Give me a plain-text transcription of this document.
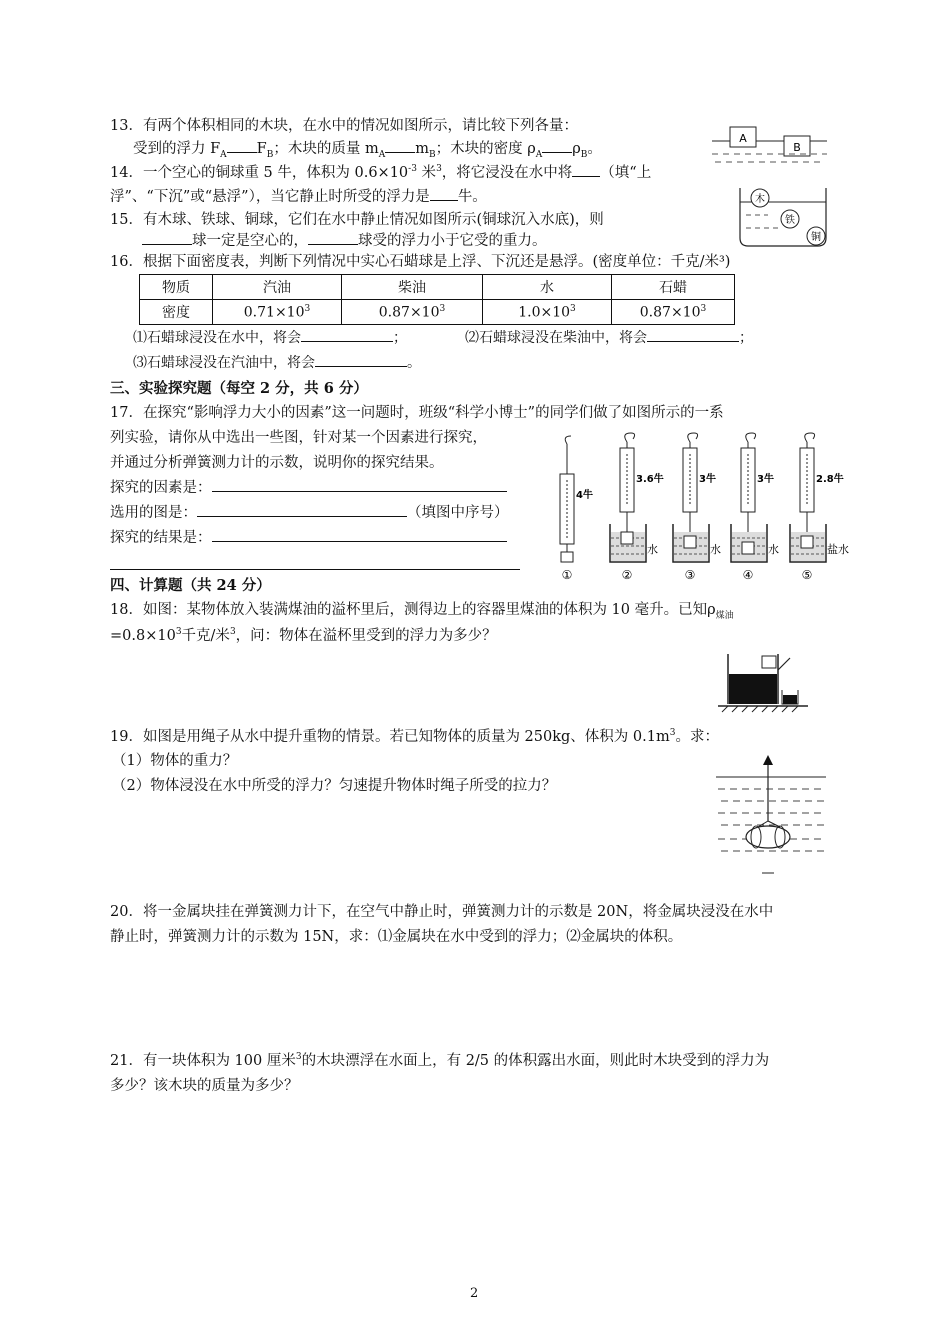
13．有两个体积相同的木块，在水中的情况如图所示，请比较下列各量：
受到的浮力 $F_A$ $F_B$；木块的质量 $m_A$ $m_B$；木块的密度 $\rho_A$ $\rho_B$。
A
B
14．一个空心的铜球重 5 牛，体积为 $0.6\times 10^{-3}$ 米$^3$，将它浸没在水中将 （填“上
浮”、“下沉”或“悬浮”），当它静止时所受的浮力是 牛。	木
铁
铜
15．有木球、铁球、铜球，它们在水中静止情况如图所示(铜球沉入水底)，则
球一定是空心的，	球受的浮力小于它受的重力。
16．根据下面密度表，判断下列情况中实心石蜡球是上浮、下沉还是悬浮。(密度单位：千克/米³)
物质	汽油	柴油	水	石蜡
密度	$0.71\times 10^3$	$0.87\times 10^3$	$1.0\times 10^3$	$0.87\times 10^3$
⑴石蜡球浸没在水中，将会	；	⑵石蜡球浸没在柴油中，将会	；
⑶石蜡球浸没在汽油中，将会	。
三、实验探究题（每空 2 分，共 6 分）
17．在探究“影响浮力大小的因素”这一问题时，班级“科学小博士”的同学们做了如图所示的一系
列实验，请你从中选出一些图，针对某一个因素进行探究，
并通过分析弹簧测力计的示数，说明你的探究结果。
探究的因素是：
选用的图是：	（填图中序号）
探究的结果是：
4牛
3.6牛
水
3牛
水
3牛
水
2.8牛
盐水
①	②	③	④	⑤
四、计算题（共 24 分）
18．如图：某物体放入装满煤油的溢杯里后，测得边上的容器里煤油的体积为 10 毫升。已知$\rho_{煤油}$
$=0.8\times 10^3$千克/米$^3$，问：物体在溢杯里受到的浮力为多少？
19．如图是用绳子从水中提升重物的情景。若已知物体的质量为 250kg、体积为 $0.1m^3$。求：
（1）物体的重力？
（2）物体浸没在水中所受的浮力？匀速提升物体时绳子所受的拉力？
20．将一金属块挂在弹簧测力计下，在空气中静止时，弹簧测力计的示数是 20N，将金属块浸没在水中
静止时，弹簧测力计的示数为 15N，求：⑴金属块在水中受到的浮力；⑵金属块的体积。
21．有一块体积为 100 厘米$^3$的木块漂浮在水面上，有 2/5 的体积露出水面，则此时木块受到的浮力为
多少？该木块的质量为多少？
2
